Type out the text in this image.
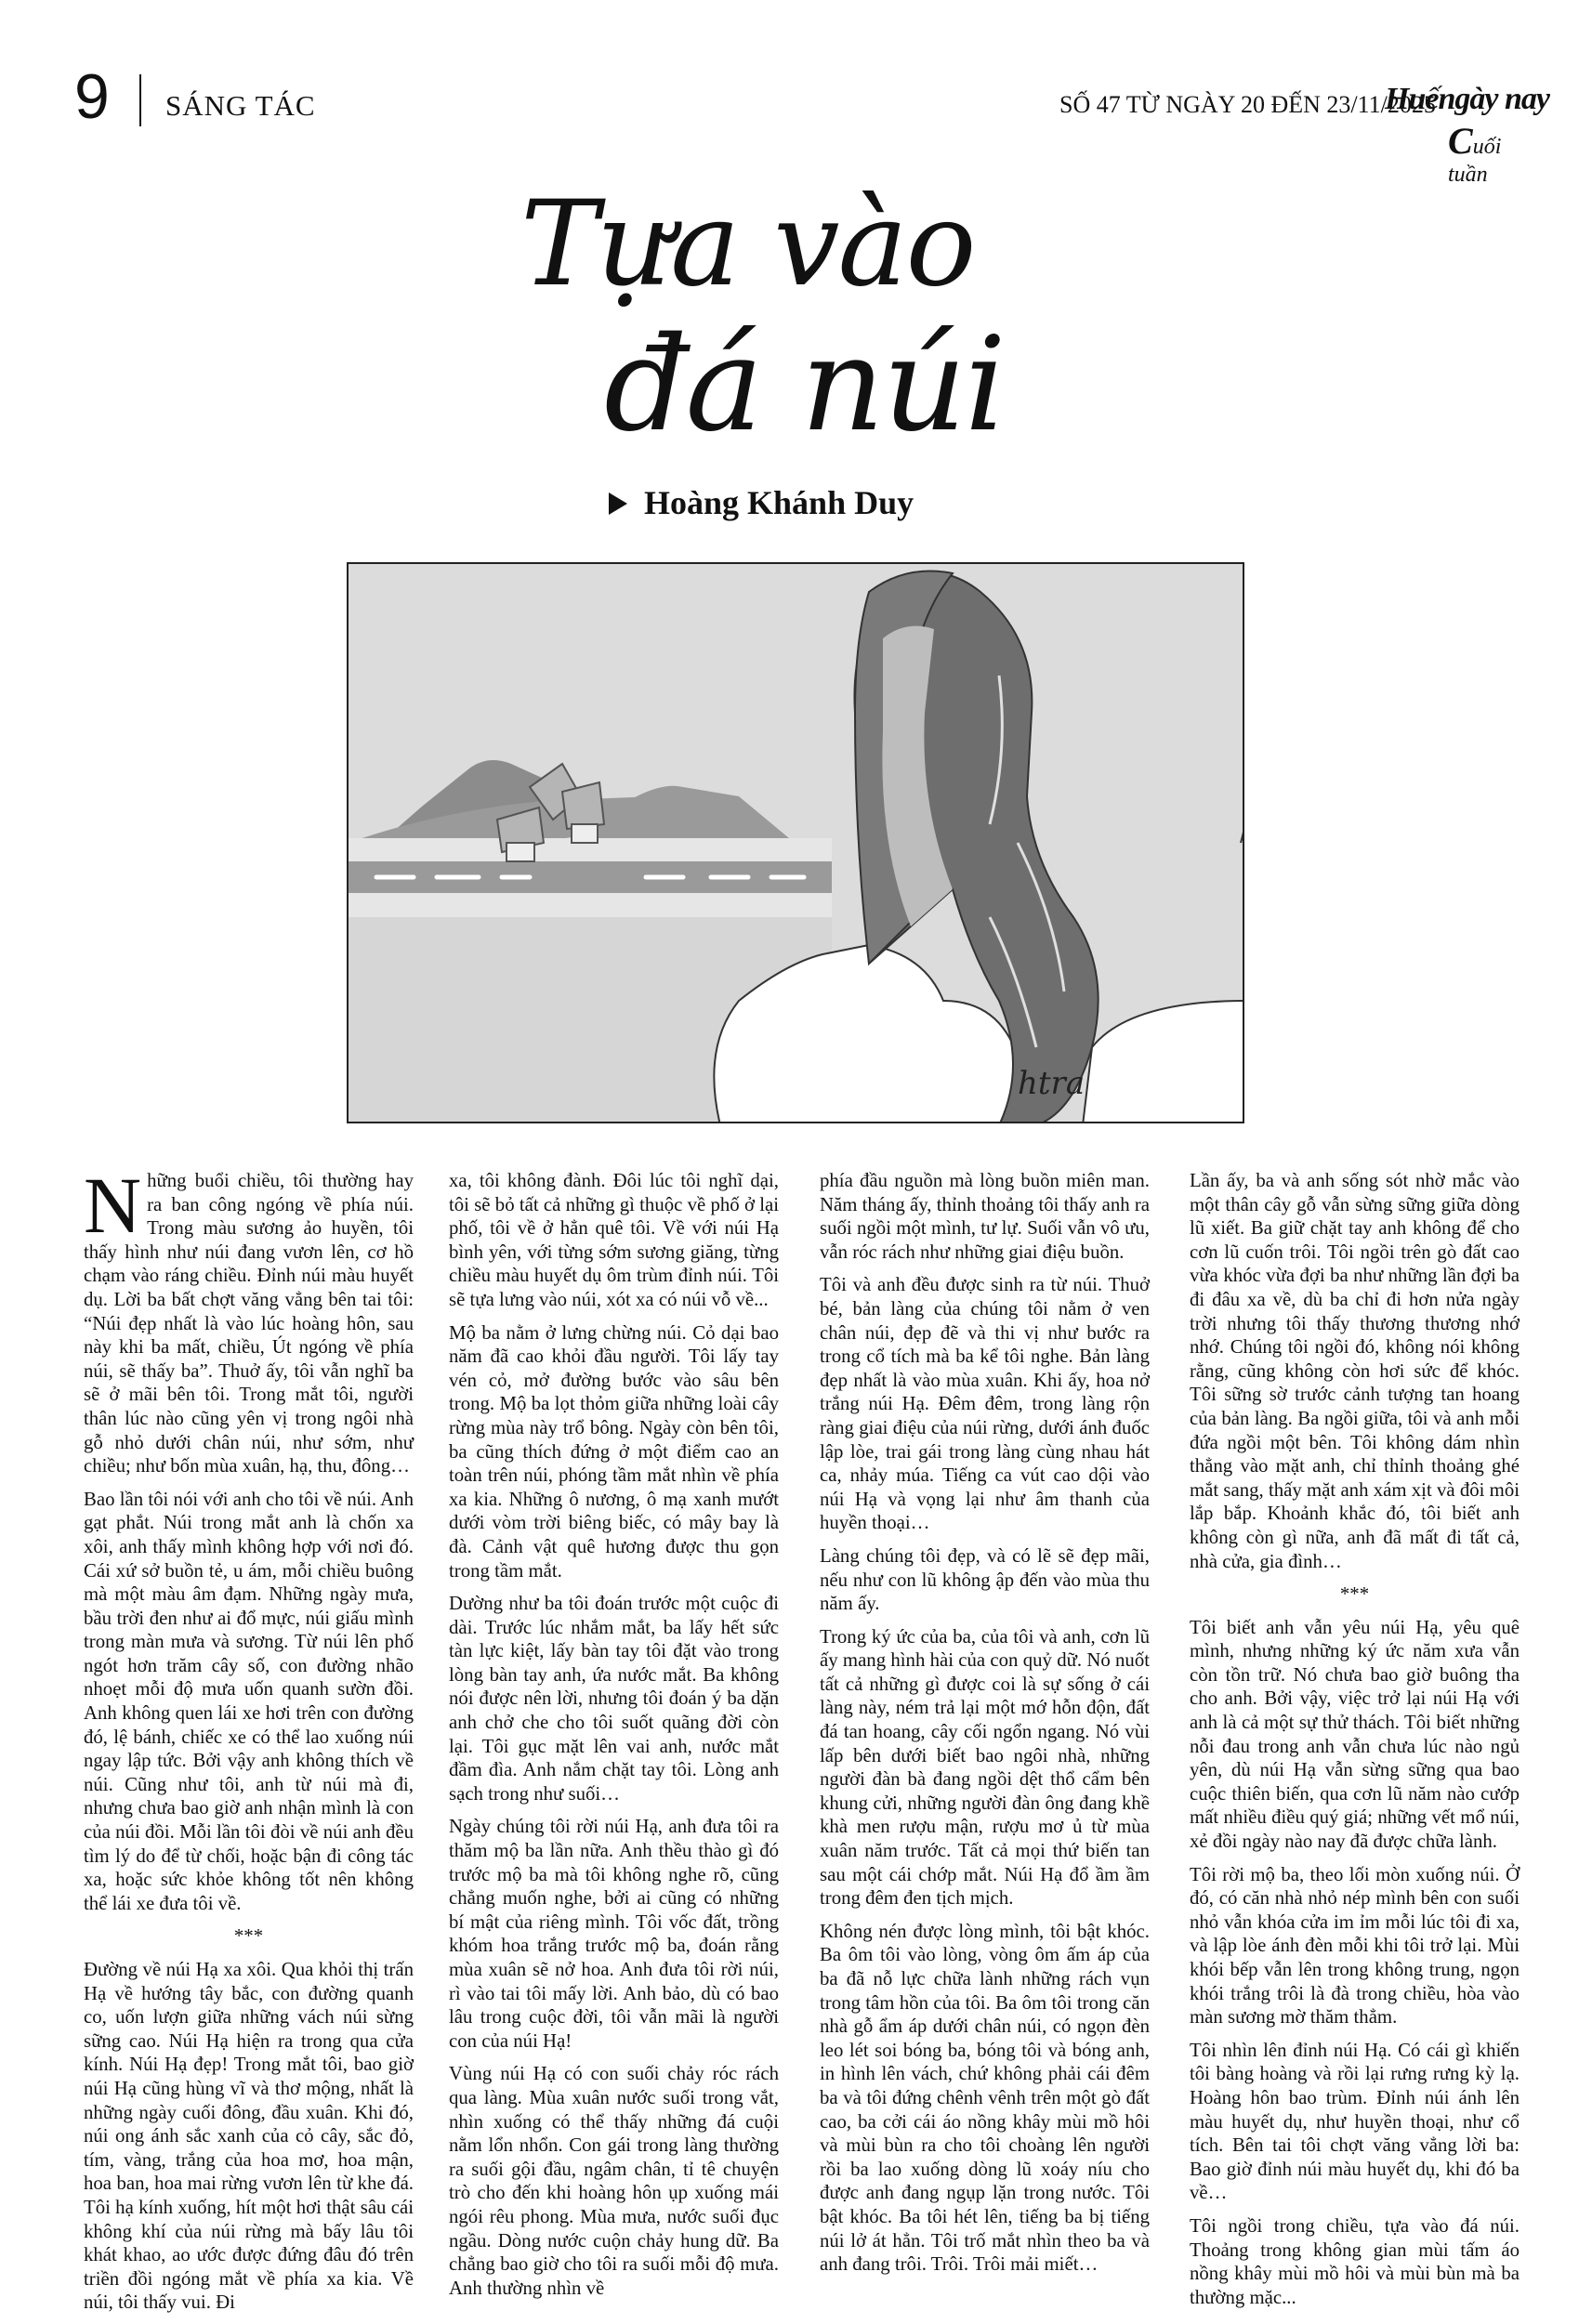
9 SÁNG TÁC	SỐ 47 TỪ NGÀY 20 ĐẾN 23/11/2025
Huếngày nay
Cuối tuần
Tựa vào
đá núi
Hoàng Khánh Duy
htra

Những buổi chiều, tôi thường hay ra ban công ngóng về phía núi. Trong màu sương ảo huyền, tôi thấy hình như núi đang vươn lên, cơ hồ chạm vào ráng chiều. Đỉnh núi màu huyết dụ. Lời ba bất chợt văng vẳng bên tai tôi: “Núi đẹp nhất là vào lúc hoàng hôn, sau này khi ba mất, chiều, Út ngóng về phía núi, sẽ thấy ba”. Thuở ấy, tôi vẫn nghĩ ba sẽ ở mãi bên tôi. Trong mắt tôi, người thân lúc nào cũng yên vị trong ngôi nhà gỗ nhỏ dưới chân núi, như sớm, như chiều; như bốn mùa xuân, hạ, thu, đông…

Bao lần tôi nói với anh cho tôi về núi. Anh gạt phắt. Núi trong mắt anh là chốn xa xôi, anh thấy mình không hợp với nơi đó. Cái xứ sở buồn tẻ, u ám, mỗi chiều buông mà một màu âm đạm. Những ngày mưa, bầu trời đen như ai đổ mực, núi giấu mình trong màn mưa và sương. Từ núi lên phố ngót hơn trăm cây số, con đường nhão nhoẹt mỗi độ mưa uốn quanh sườn đồi. Anh không quen lái xe hơi trên con đường đó, lệ bánh, chiếc xe có thể lao xuống núi ngay lập tức. Bởi vậy anh không thích về núi. Cũng như tôi, anh từ núi mà đi, nhưng chưa bao giờ anh nhận mình là con của núi đồi. Mỗi lần tôi đòi về núi anh đều tìm lý do để từ chối, hoặc bận đi công tác xa, hoặc sức khỏe không tốt nên không thể lái xe đưa tôi về.

***

Đường về núi Hạ xa xôi. Qua khỏi thị trấn Hạ về hướng tây bắc, con đường quanh co, uốn lượn giữa những vách núi sừng sững cao. Núi Hạ hiện ra trong qua cửa kính. Núi Hạ đẹp! Trong mắt tôi, bao giờ núi Hạ cũng hùng vĩ và thơ mộng, nhất là những ngày cuối đông, đầu xuân. Khi đó, núi ong ánh sắc xanh của cỏ cây, sắc đỏ, tím, vàng, trắng của hoa mơ, hoa mận, hoa ban, hoa mai rừng vươn lên từ khe đá. Tôi hạ kính xuống, hít một hơi thật sâu cái không khí của núi rừng mà bấy lâu tôi khát khao, ao ước được đứng đâu đó trên triền đồi ngóng mắt về phía xa kia. Về núi, tôi thấy vui. Đi

xa, tôi không đành. Đôi lúc tôi nghĩ dại, tôi sẽ bỏ tất cả những gì thuộc về phố ở lại phố, tôi về ở hẳn quê tôi. Về với núi Hạ bình yên, với từng sớm sương giăng, từng chiều màu huyết dụ ôm trùm đỉnh núi. Tôi sẽ tựa lưng vào núi, xót xa có núi vỗ về...

Mộ ba nằm ở lưng chừng núi. Cỏ dại bao năm đã cao khỏi đầu người. Tôi lấy tay vén cỏ, mở đường bước vào sâu bên trong. Mộ ba lọt thỏm giữa những loài cây rừng mùa này trổ bông. Ngày còn bên tôi, ba cũng thích đứng ở một điểm cao an toàn trên núi, phóng tầm mắt nhìn về phía xa kia. Những ô nương, ô mạ xanh mướt dưới vòm trời biêng biếc, có mây bay là đà. Cảnh vật quê hương được thu gọn trong tầm mắt.

Dường như ba tôi đoán trước một cuộc đi dài. Trước lúc nhắm mắt, ba lấy hết sức tàn lực kiệt, lấy bàn tay tôi đặt vào trong lòng bàn tay anh, ứa nước mắt. Ba không nói được nên lời, nhưng tôi đoán ý ba dặn anh chở che cho tôi suốt quãng đời còn lại. Tôi gục mặt lên vai anh, nước mắt đầm đìa. Anh nắm chặt tay tôi. Lòng anh sạch trong như suối…

Ngày chúng tôi rời núi Hạ, anh đưa tôi ra thăm mộ ba lần nữa. Anh thều thào gì đó trước mộ ba mà tôi không nghe rõ, cũng chẳng muốn nghe, bởi ai cũng có những bí mật của riêng mình. Tôi vốc đất, trồng khóm hoa trắng trước mộ ba, đoán rằng mùa xuân sẽ nở hoa. Anh đưa tôi rời núi, rì vào tai tôi mấy lời. Anh bảo, dù có bao lâu trong cuộc đời, tôi vẫn mãi là người con của núi Hạ!

Vùng núi Hạ có con suối chảy róc rách qua làng. Mùa xuân nước suối trong vắt, nhìn xuống có thể thấy những đá cuội nằm lổn nhổn. Con gái trong làng thường ra suối gội đầu, ngâm chân, tỉ tê chuyện trò cho đến khi hoàng hôn ụp xuống mái ngói rêu phong. Mùa mưa, nước suối đục ngầu. Dòng nước cuộn chảy hung dữ. Ba chẳng bao giờ cho tôi ra suối mỗi độ mưa. Anh thường nhìn về

phía đầu nguồn mà lòng buồn miên man. Năm tháng ấy, thỉnh thoảng tôi thấy anh ra suối ngồi một mình, tư lự. Suối vẫn vô ưu, vẫn róc rách như những giai điệu buồn.

Tôi và anh đều được sinh ra từ núi. Thuở bé, bản làng của chúng tôi nằm ở ven chân núi, đẹp đẽ và thi vị như bước ra trong cổ tích mà ba kể tôi nghe. Bản làng đẹp nhất là vào mùa xuân. Khi ấy, hoa nở trắng núi Hạ. Đêm đêm, trong làng rộn ràng giai điệu của núi rừng, dưới ánh đuốc lập lòe, trai gái trong làng cùng nhau hát ca, nhảy múa. Tiếng ca vút cao dội vào núi Hạ và vọng lại như âm thanh của huyền thoại…

Làng chúng tôi đẹp, và có lẽ sẽ đẹp mãi, nếu như con lũ không ập đến vào mùa thu năm ấy.

Trong ký ức của ba, của tôi và anh, cơn lũ ấy mang hình hài của con quỷ dữ. Nó nuốt tất cả những gì được coi là sự sống ở cái làng này, ném trả lại một mớ hỗn độn, đất đá tan hoang, cây cối ngổn ngang. Nó vùi lấp bên dưới biết bao ngôi nhà, những người đàn bà đang ngồi dệt thổ cẩm bên khung cửi, những người đàn ông đang khề khà men rượu mận, rượu mơ ủ từ mùa xuân năm trước. Tất cả mọi thứ biến tan sau một cái chớp mắt. Núi Hạ đổ ầm ầm trong đêm đen tịch mịch.

Không nén được lòng mình, tôi bật khóc. Ba ôm tôi vào lòng, vòng ôm ấm áp của ba đã nỗ lực chữa lành những rách vụn trong tâm hồn của tôi. Ba ôm tôi trong căn nhà gỗ ẩm áp dưới chân núi, có ngọn đèn leo lét soi bóng ba, bóng tôi và bóng anh, in hình lên vách, chứ không phải cái đêm ba và tôi đứng chênh vênh trên một gò đất cao, ba cởi cái áo nồng khây mùi mồ hôi và mùi bùn ra cho tôi choàng lên người rồi ba lao xuống dòng lũ xoáy níu cho được anh đang ngụp lặn trong nước. Tôi bật khóc. Ba tôi hét lên, tiếng ba bị tiếng núi lở át hẳn. Tôi trố mắt nhìn theo ba và anh đang trôi. Trôi. Trôi mải miết…

Lần ấy, ba và anh sống sót nhờ mắc vào một thân cây gỗ vẫn sừng sững giữa dòng lũ xiết. Ba giữ chặt tay anh không để cho cơn lũ cuốn trôi. Tôi ngồi trên gò đất cao vừa khóc vừa đợi ba như những lần đợi ba đi đâu xa về, dù ba chỉ đi hơn nửa ngày trời nhưng tôi thấy thương thương nhớ nhớ. Chúng tôi ngồi đó, không nói không rằng, cũng không còn hơi sức để khóc. Tôi sững sờ trước cảnh tượng tan hoang của bản làng. Ba ngồi giữa, tôi và anh mỗi đứa ngồi một bên. Tôi không dám nhìn thẳng vào mặt anh, chỉ thỉnh thoảng ghé mắt sang, thấy mặt anh xám xịt và đôi môi lắp bắp. Khoảnh khắc đó, tôi biết anh không còn gì nữa, anh đã mất đi tất cả, nhà cửa, gia đình…

***

Tôi biết anh vẫn yêu núi Hạ, yêu quê mình, nhưng những ký ức năm xưa vẫn còn tồn trữ. Nó chưa bao giờ buông tha cho anh. Bởi vậy, việc trở lại núi Hạ với anh là cả một sự thử thách. Tôi biết những nỗi đau trong anh vẫn chưa lúc nào ngủ yên, dù núi Hạ vẫn sừng sững qua bao cuộc thiên biến, qua cơn lũ năm nào cướp mất nhiều điều quý giá; những vết mổ núi, xẻ đồi ngày nào nay đã được chữa lành.

Tôi rời mộ ba, theo lối mòn xuống núi. Ở đó, có căn nhà nhỏ nép mình bên con suối nhỏ vẫn khóa cửa im ỉm mỗi lúc tôi đi xa, và lập lòe ánh đèn mỗi khi tôi trở lại. Mùi khói bếp vẫn lên trong không trung, ngọn khói trắng trôi là đà trong chiều, hòa vào màn sương mờ thăm thẳm.

Tôi nhìn lên đỉnh núi Hạ. Có cái gì khiến tôi bàng hoàng và rồi lại rưng rưng kỳ lạ. Hoàng hôn bao trùm. Đỉnh núi ánh lên màu huyết dụ, như huyền thoại, như cổ tích. Bên tai tôi chợt văng vẳng lời ba: Bao giờ đỉnh núi màu huyết dụ, khi đó ba về…

Tôi ngồi trong chiều, tựa vào đá núi. Thoảng trong không gian mùi tấm áo nồng khây mùi mồ hôi và mùi bùn mà ba thường mặc...
